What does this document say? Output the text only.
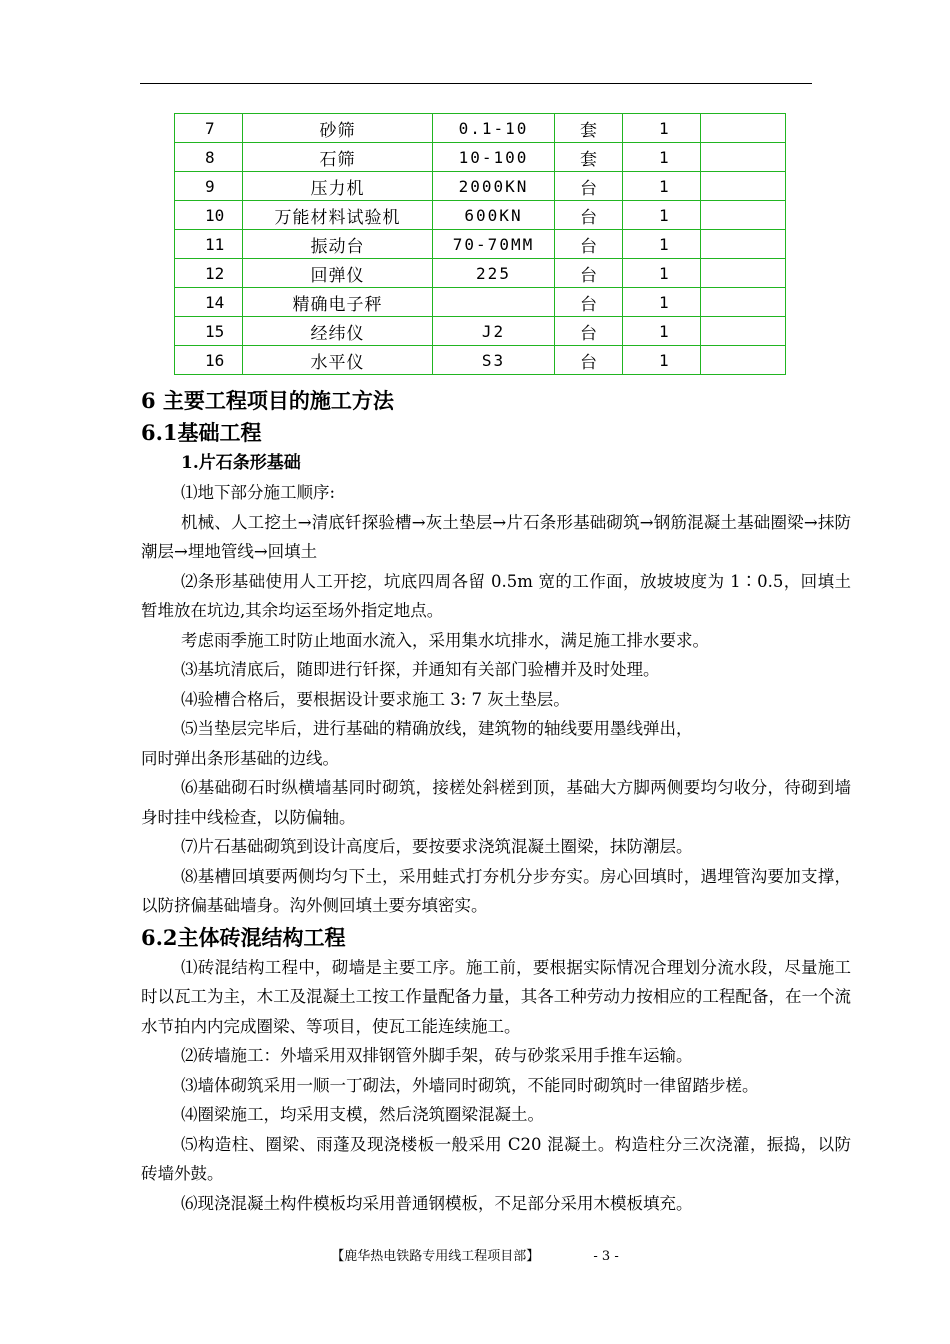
7	砂筛	0.1-10	套	1	
8	石筛	10-100	套	1	
9	压力机	2000KN	台	1	
10	万能材料试验机	600KN	台	1	
11	振动台	70-70MM	台	1	
12	回弹仪	225	台	1	
14	精确电子秤		台	1	
15	经纬仪	J2	台	1	
16	水平仪	S3	台	1	
6 主要工程项目的施工方法
6.1基础工程
1.片石条形基础

⑴地下部分施工顺序:

机械、人工挖土→清底钎探验槽→灰土垫层→片石条形基础砌筑→钢筋混凝土基础圈梁→抹防潮层→埋地管线→回填土

⑵条形基础使用人工开挖，坑底四周各留 0.5m 宽的工作面，放坡坡度为 1∶0.5，回填土暂堆放在坑边,其余均运至场外指定地点。

考虑雨季施工时防止地面水流入，采用集水坑排水，满足施工排水要求。

⑶基坑清底后，随即进行钎探，并通知有关部门验槽并及时处理。

⑷验槽合格后，要根据设计要求施工 3: 7 灰土垫层。

⑸当垫层完毕后，进行基础的精确放线，建筑物的轴线要用墨线弹出，

同时弹出条形基础的边线。

⑹基础砌石时纵横墙基同时砌筑，接槎处斜槎到顶，基础大方脚两侧要均匀收分，待砌到墙身时挂中线检查，以防偏轴。

⑺片石基础砌筑到设计高度后，要按要求浇筑混凝土圈梁，抹防潮层。

⑻基槽回填要两侧均匀下土，采用蛙式打夯机分步夯实。房心回填时，遇埋管沟要加支撑，以防挤偏基础墙身。沟外侧回填土要夯填密实。

6.2主体砖混结构工程

⑴砖混结构工程中，砌墙是主要工序。施工前，要根据实际情况合理划分流水段，尽量施工时以瓦工为主，木工及混凝土工按工作量配备力量，其各工种劳动力按相应的工程配备，在一个流水节拍内内完成圈梁、等项目，使瓦工能连续施工。

⑵砖墙施工：外墙采用双排钢管外脚手架，砖与砂浆采用手推车运输。

⑶墙体砌筑采用一顺一丁砌法，外墙同时砌筑，不能同时砌筑时一律留踏步槎。

⑷圈梁施工，均采用支模，然后浇筑圈梁混凝土。

⑸构造柱、圈梁、雨蓬及现浇楼板一般采用 C20 混凝土。构造柱分三次浇灌，振捣，以防砖墙外鼓。

⑹现浇混凝土构件模板均采用普通钢模板，不足部分采用木模板填充。

【鹿华热电铁路专用线工程项目部】	- 3 -
